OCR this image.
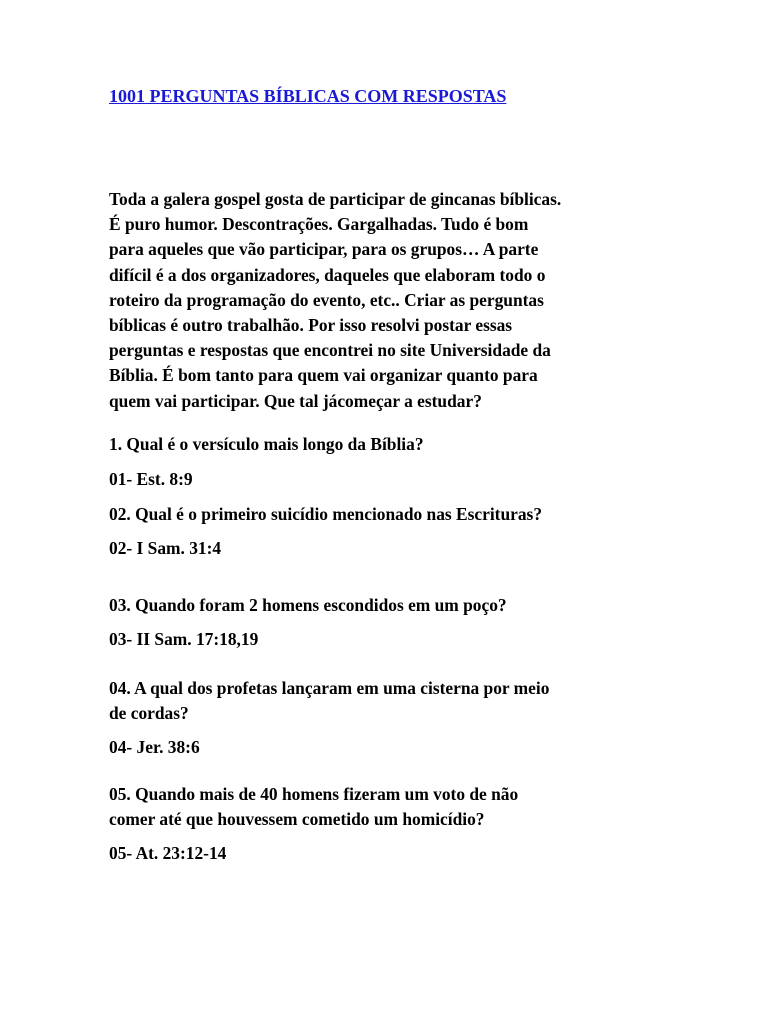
1001 PERGUNTAS BÍBLICAS COM RESPOSTAS
Toda a galera gospel gosta de participar de gincanas bíblicas.
É puro humor. Descontrações. Gargalhadas. Tudo é bom
para aqueles que vão participar, para os grupos… A parte
difícil é a dos organizadores, daqueles que elaboram todo o
roteiro da programação do evento, etc.. Criar as perguntas
bíblicas é outro trabalhão. Por isso resolvi postar essas
perguntas e respostas que encontrei no site Universidade da
Bíblia. É bom tanto para quem vai organizar quanto para
quem vai participar. Que tal jácomeçar a estudar?
1. Qual é o versículo mais longo da Bíblia?
01- Est. 8:9
02. Qual é o primeiro suicídio mencionado nas Escrituras?
02- I Sam. 31:4
03. Quando foram 2 homens escondidos em um poço?
03- II Sam. 17:18,19
04. A qual dos profetas lançaram em uma cisterna por meio
de cordas?
04- Jer. 38:6
05. Quando mais de 40 homens fizeram um voto de não
comer até que houvessem cometido um homicídio?
05- At. 23:12-14
